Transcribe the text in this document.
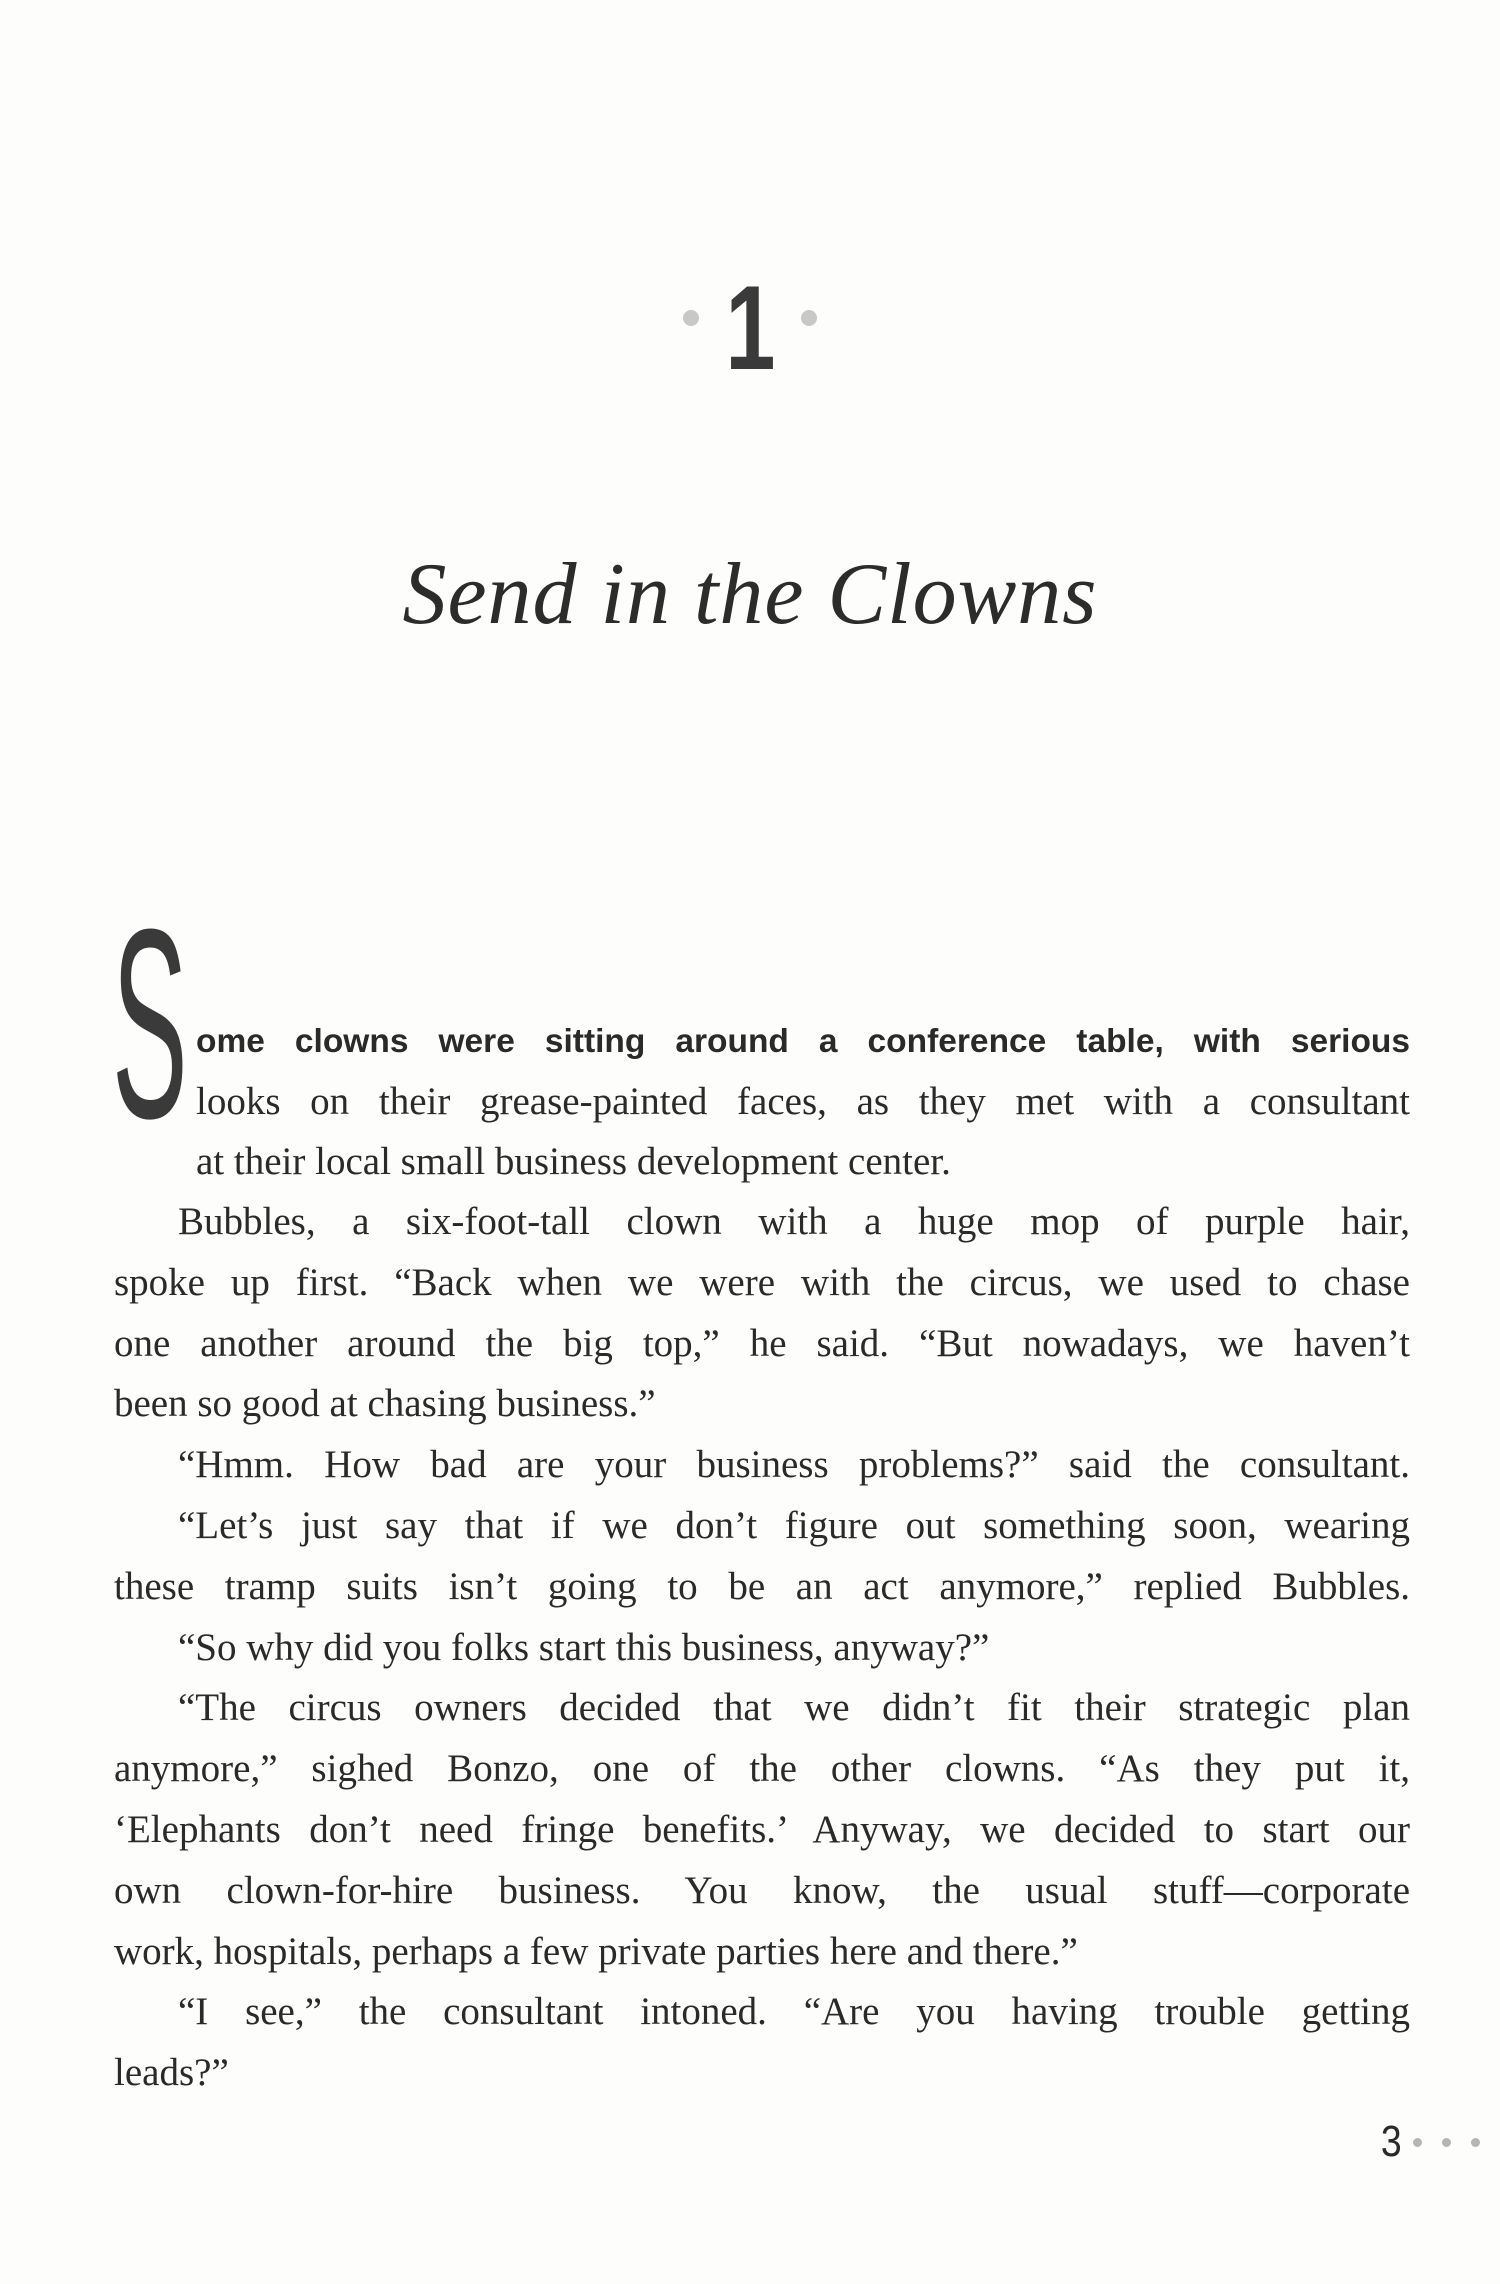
1
Send in the Clowns
S ome clowns were sitting around a conference table, with serious
looks on their grease-painted faces, as they met with a consultant
at their local small business development center.
Bubbles, a six-foot-tall clown with a huge mop of purple hair,
spoke up first. “Back when we were with the circus, we used to chase
one another around the big top,” he said. “But nowadays, we haven’t
been so good at chasing business.”
“Hmm. How bad are your business problems?” said the consultant.
“Let’s just say that if we don’t figure out something soon, wearing
these tramp suits isn’t going to be an act anymore,” replied Bubbles.
“So why did you folks start this business, anyway?”
“The circus owners decided that we didn’t fit their strategic plan
anymore,” sighed Bonzo, one of the other clowns. “As they put it,
‘Elephants don’t need fringe benefits.’ Anyway, we decided to start our
own clown-for-hire business. You know, the usual stuff—corporate
work, hospitals, perhaps a few private parties here and there.”
“I see,” the consultant intoned. “Are you having trouble getting
leads?”
3
